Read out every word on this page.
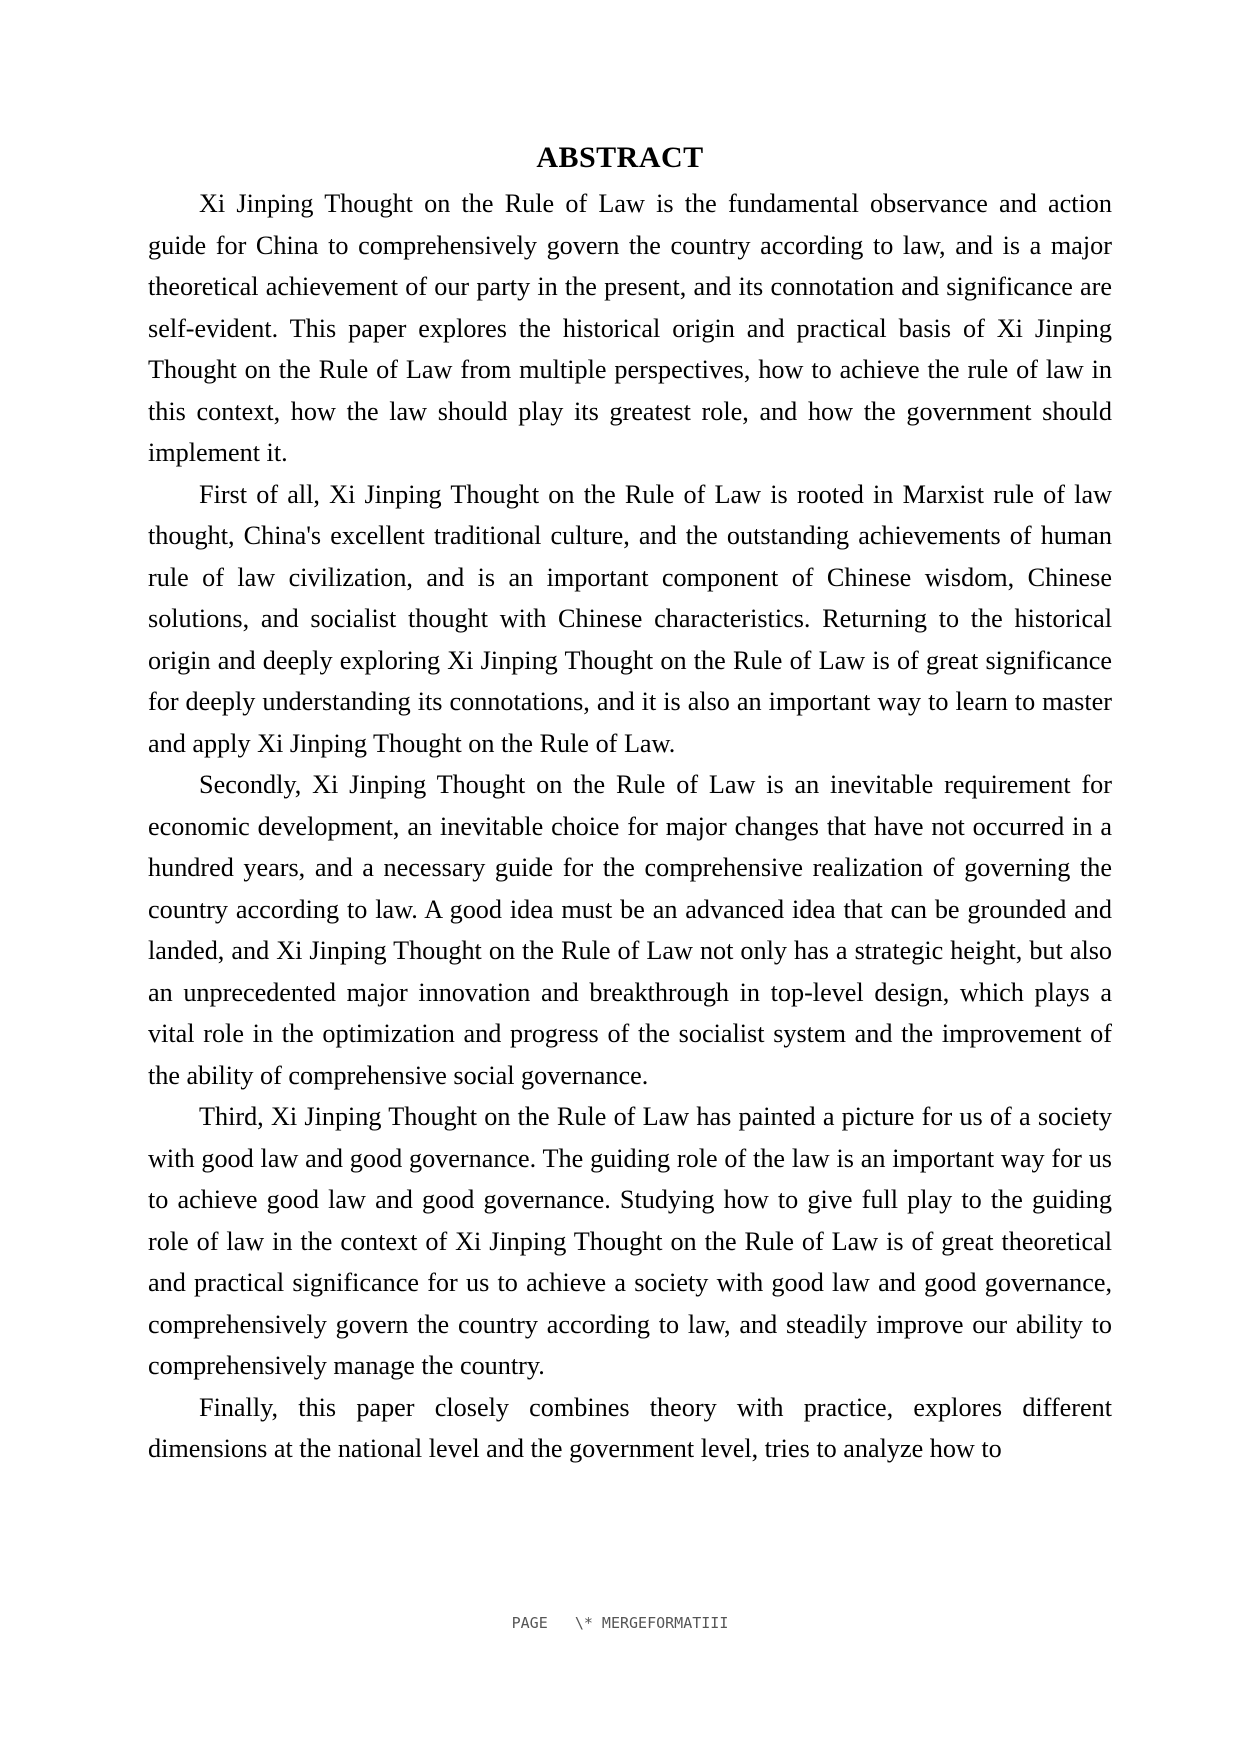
ABSTRACT

Xi Jinping Thought on the Rule of Law is the fundamental observance and action guide for China to comprehensively govern the country according to law, and is a major theoretical achievement of our party in the present, and its connotation and significance are self-evident. This paper explores the historical origin and practical basis of Xi Jinping Thought on the Rule of Law from multiple perspectives, how to achieve the rule of law in this context, how the law should play its greatest role, and how the government should implement it.

First of all, Xi Jinping Thought on the Rule of Law is rooted in Marxist rule of law thought, China's excellent traditional culture, and the outstanding achievements of human rule of law civilization, and is an important component of Chinese wisdom, Chinese solutions, and socialist thought with Chinese characteristics. Returning to the historical origin and deeply exploring Xi Jinping Thought on the Rule of Law is of great significance for deeply understanding its connotations, and it is also an important way to learn to master and apply Xi Jinping Thought on the Rule of Law.

Secondly, Xi Jinping Thought on the Rule of Law is an inevitable requirement for economic development, an inevitable choice for major changes that have not occurred in a hundred years, and a necessary guide for the comprehensive realization of governing the country according to law. A good idea must be an advanced idea that can be grounded and landed, and Xi Jinping Thought on the Rule of Law not only has a strategic height, but also an unprecedented major innovation and breakthrough in top-level design, which plays a vital role in the optimization and progress of the socialist system and the improvement of the ability of comprehensive social governance.

Third, Xi Jinping Thought on the Rule of Law has painted a picture for us of a society with good law and good governance. The guiding role of the law is an important way for us to achieve good law and good governance. Studying how to give full play to the guiding role of law in the context of Xi Jinping Thought on the Rule of Law is of great theoretical and practical significance for us to achieve a society with good law and good governance, comprehensively govern the country according to law, and steadily improve our ability to comprehensively manage the country.

Finally, this paper closely combines theory with practice, explores different dimensions at the national level and the government level, tries to analyze how to

PAGE   \* MERGEFORMATIII
